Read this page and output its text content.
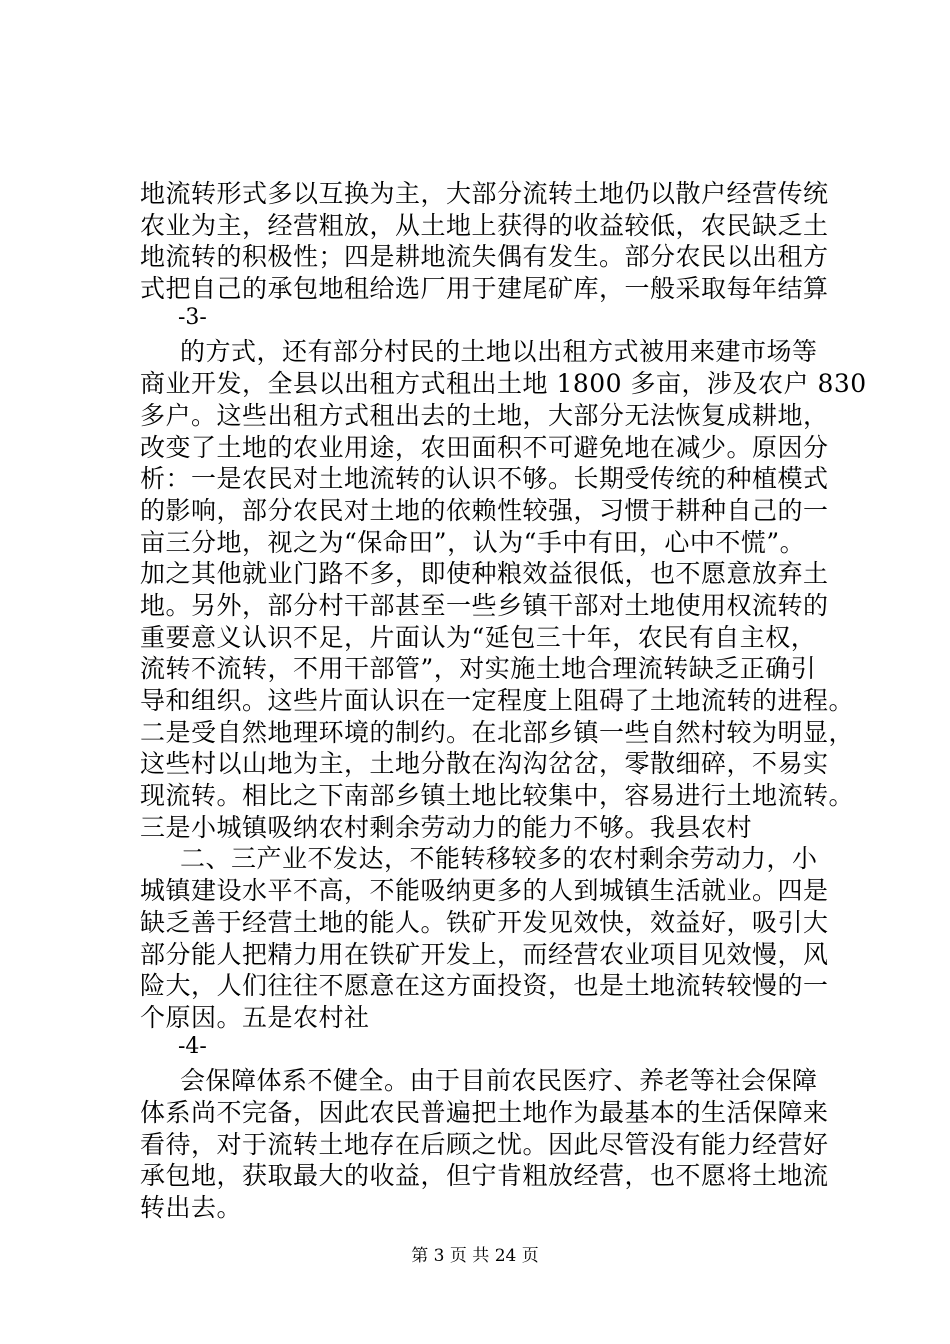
地流转形式多以互换为主，大部分流转土地仍以散户经营传统
农业为主，经营粗放，从土地上获得的收益较低，农民缺乏土
地流转的积极性；四是耕地流失偶有发生。部分农民以出租方
式把自己的承包地租给选厂用于建尾矿库，一般采取每年结算
-3-
的方式，还有部分村民的土地以出租方式被用来建市场等
商业开发，全县以出租方式租出土地 1800 多亩，涉及农户 830
多户。这些出租方式租出去的土地，大部分无法恢复成耕地，
改变了土地的农业用途，农田面积不可避免地在减少。原因分
析：一是农民对土地流转的认识不够。长期受传统的种植模式
的影响，部分农民对土地的依赖性较强，习惯于耕种自己的一
亩三分地，视之为“保命田”，认为“手中有田，心中不慌”。
加之其他就业门路不多，即使种粮效益很低，也不愿意放弃土
地。另外，部分村干部甚至一些乡镇干部对土地使用权流转的
重要意义认识不足，片面认为“延包三十年，农民有自主权，
流转不流转，不用干部管”，对实施土地合理流转缺乏正确引
导和组织。这些片面认识在一定程度上阻碍了土地流转的进程。
二是受自然地理环境的制约。在北部乡镇一些自然村较为明显，
这些村以山地为主，土地分散在沟沟岔岔，零散细碎，不易实
现流转。相比之下南部乡镇土地比较集中，容易进行土地流转。
三是小城镇吸纳农村剩余劳动力的能力不够。我县农村
二、三产业不发达，不能转移较多的农村剩余劳动力，小
城镇建设水平不高，不能吸纳更多的人到城镇生活就业。四是
缺乏善于经营土地的能人。铁矿开发见效快，效益好，吸引大
部分能人把精力用在铁矿开发上，而经营农业项目见效慢，风
险大，人们往往不愿意在这方面投资，也是土地流转较慢的一
个原因。五是农村社
-4-
会保障体系不健全。由于目前农民医疗、养老等社会保障
体系尚不完备，因此农民普遍把土地作为最基本的生活保障来
看待，对于流转土地存在后顾之忧。因此尽管没有能力经营好
承包地，获取最大的收益，但宁肯粗放经营，也不愿将土地流
转出去。
第 3 页 共 24 页
